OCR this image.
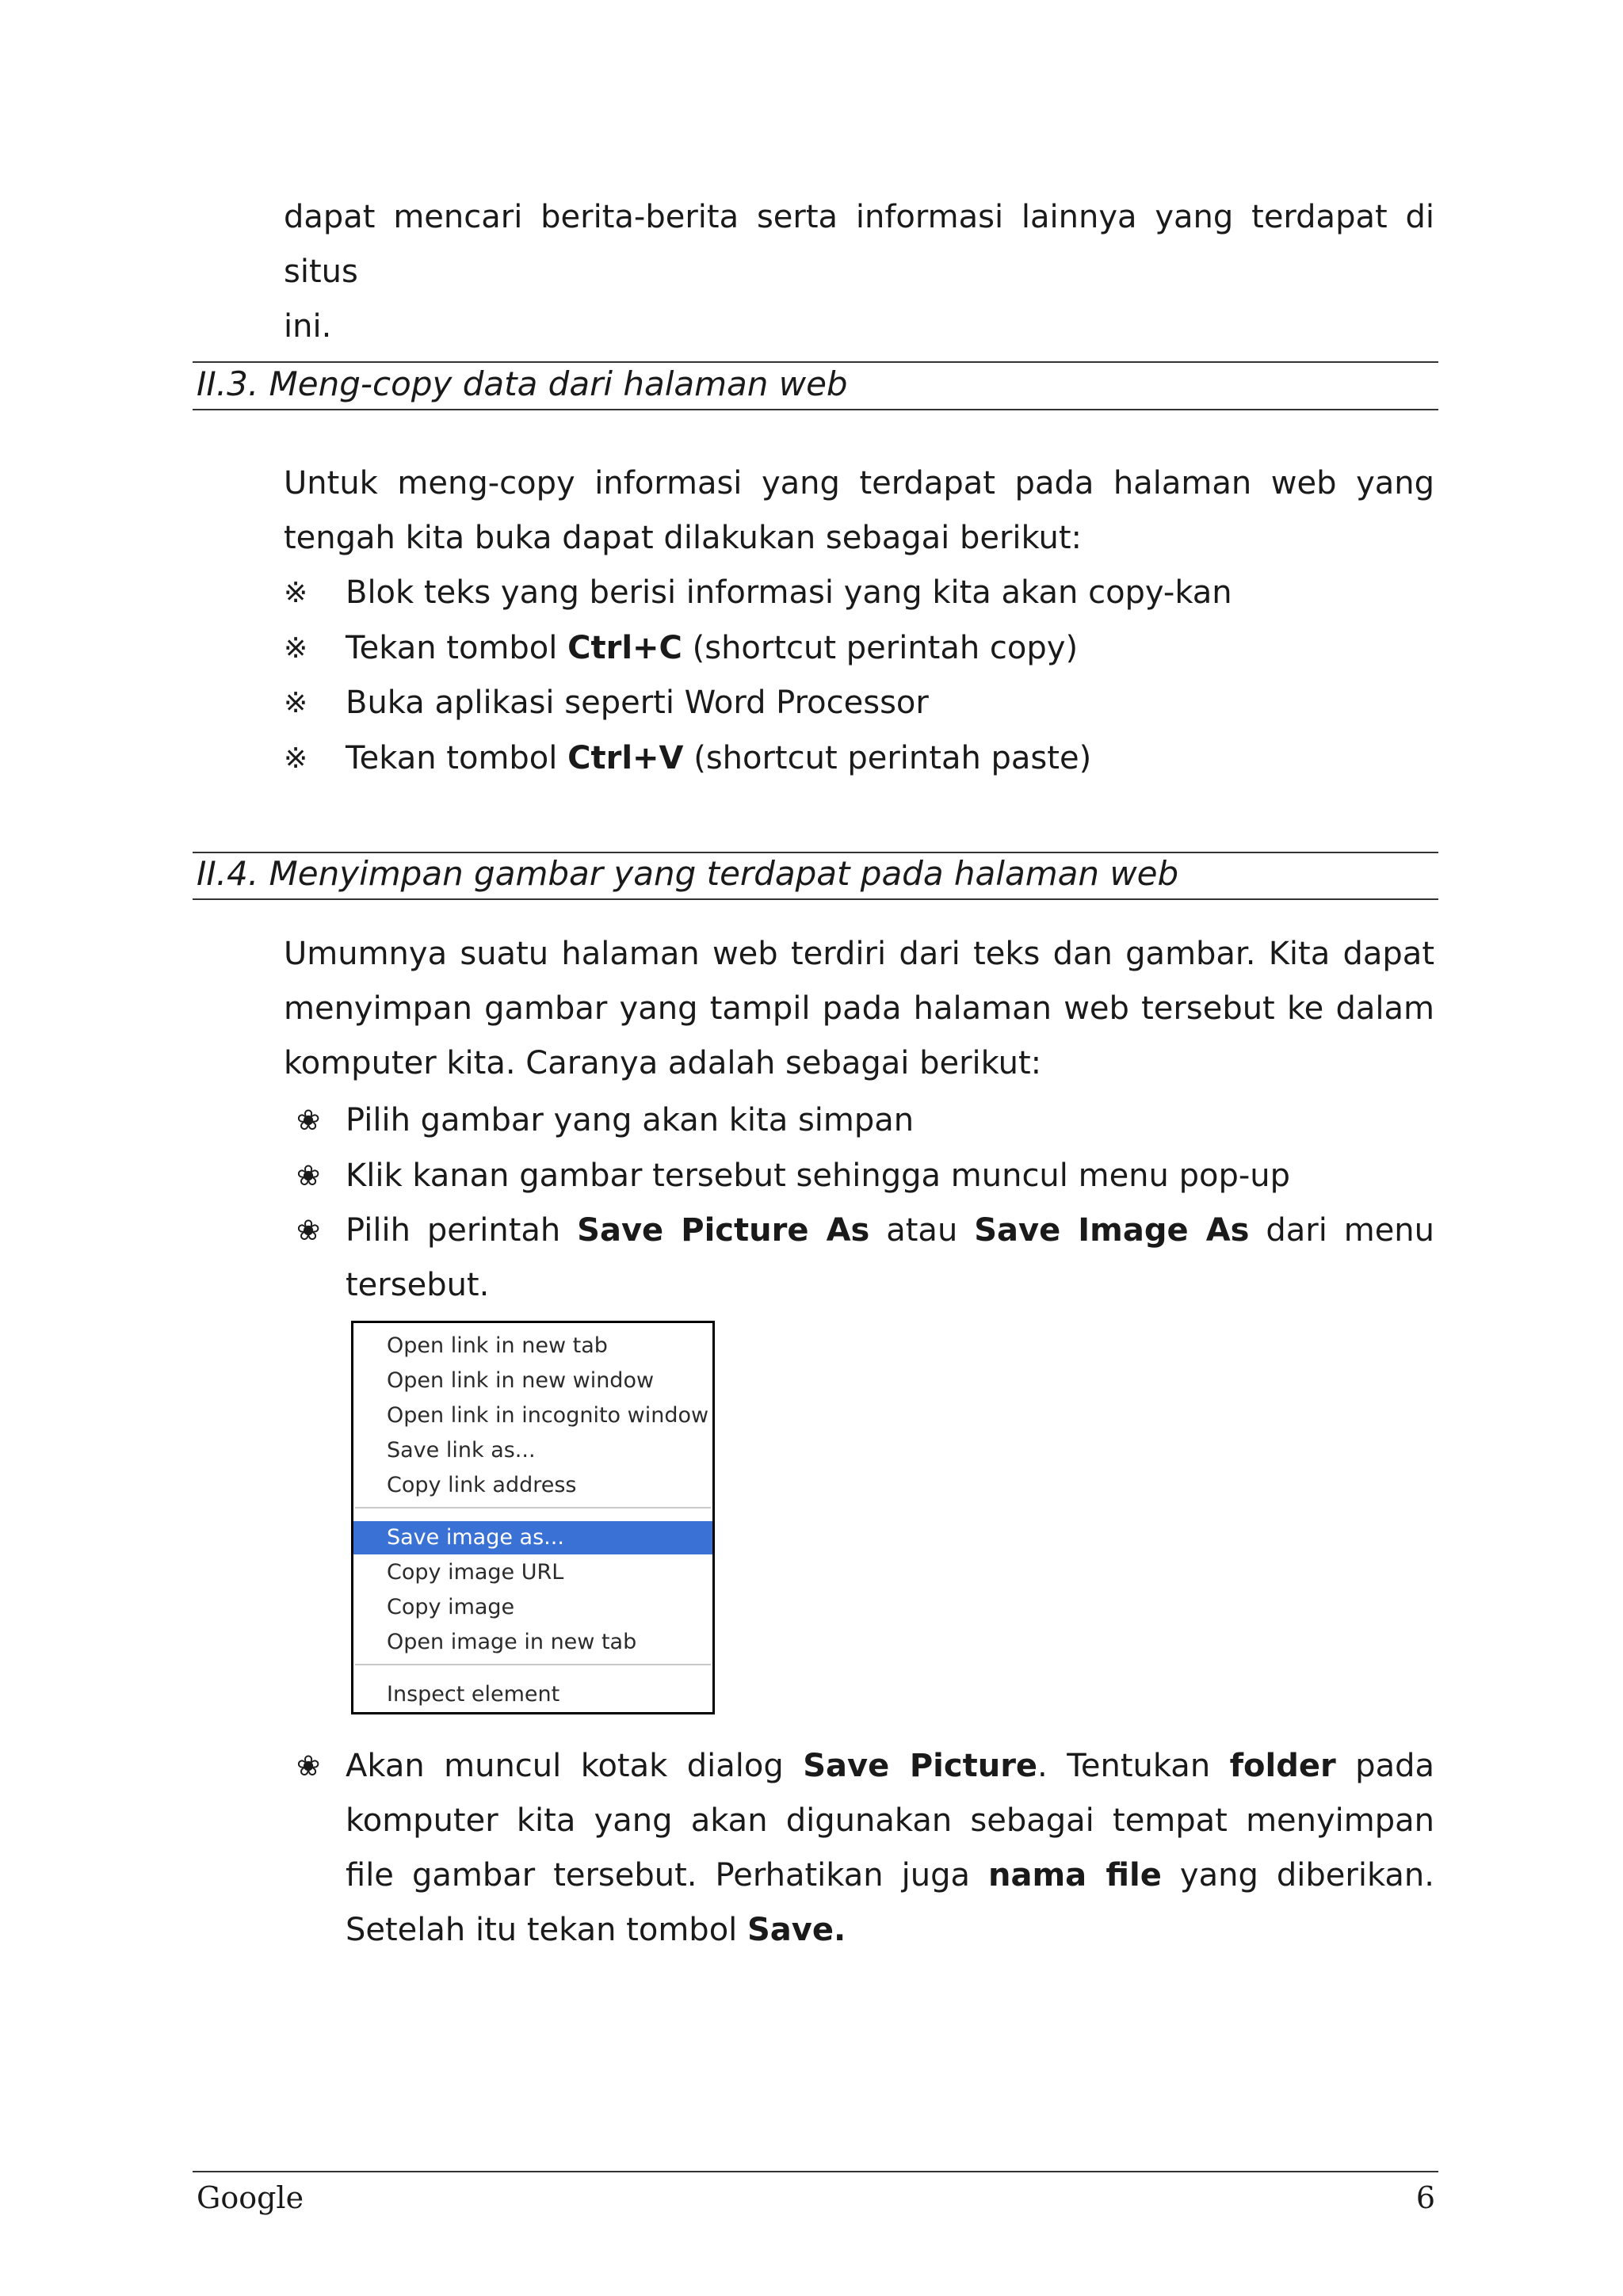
dapat mencari berita-berita serta informasi lainnya yang terdapat di situs

ini.

II.3. Meng-copy data dari halaman web

Untuk meng-copy informasi yang terdapat pada halaman web yang tengah kita buka dapat dilakukan sebagai berikut:

※	Blok teks yang berisi informasi yang kita akan copy-kan
※	Tekan tombol Ctrl+C (shortcut perintah copy)
※	Buka aplikasi seperti Word Processor
※	Tekan tombol Ctrl+V (shortcut perintah paste)
II.4. Menyimpan gambar yang terdapat pada halaman web

Umumnya suatu halaman web terdiri dari teks dan gambar. Kita dapat menyimpan gambar yang tampil pada halaman web tersebut ke dalam komputer kita. Caranya adalah sebagai berikut:

❀ Pilih gambar yang akan kita simpan
❀ Klik kanan gambar tersebut sehingga muncul menu pop-up
❀ Pilih perintah Save Picture As atau Save Image As dari menu
tersebut.
Open link in new tab
Open link in new window
Open link in incognito window
Save link as...
Copy link address
Save image as...
Copy image URL
Copy image
Open image in new tab
Inspect element
❀ Akan muncul kotak dialog Save Picture. Tentukan folder pada komputer kita yang akan digunakan sebagai tempat menyimpan file gambar tersebut. Perhatikan juga nama file yang diberikan. Setelah itu tekan tombol Save.
Google	6
